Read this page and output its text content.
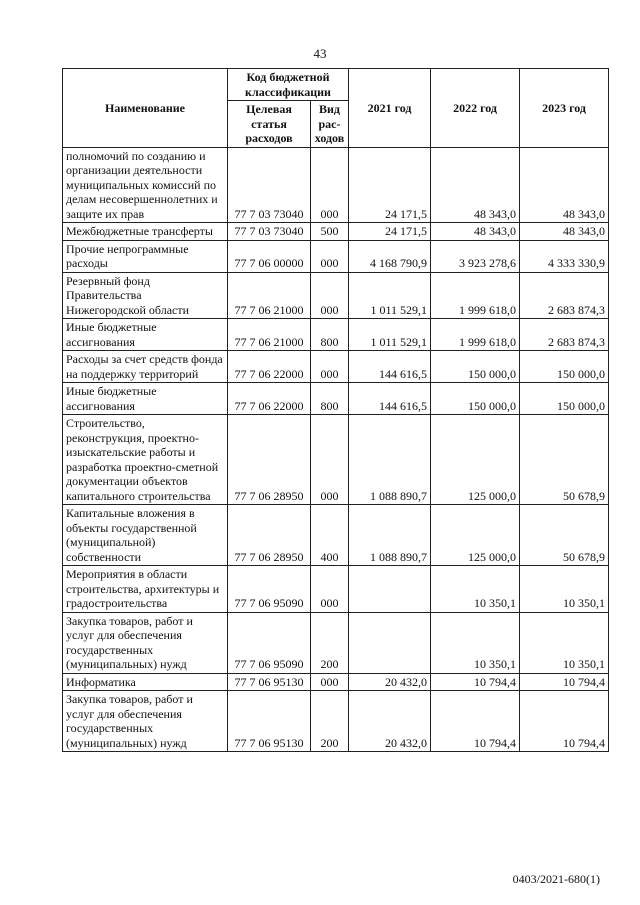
43
Наименование	Код бюджетной классификации		2021 год	2022 год	2023 год
	Целевая статья расходов	Вид рас-ходов			
полномочий по созданию и организации деятельности муниципальных комиссий по делам несовершеннолетних и защите их прав	77 7 03 73040	000	24 171,5	48 343,0	48 343,0
Межбюджетные трансферты	77 7 03 73040	500	24 171,5	48 343,0	48 343,0
Прочие непрограммные расходы	77 7 06 00000	000	4 168 790,9	3 923 278,6	4 333 330,9
Резервный фонд Правительства Нижегородской области	77 7 06 21000	000	1 011 529,1	1 999 618,0	2 683 874,3
Иные бюджетные ассигнования	77 7 06 21000	800	1 011 529,1	1 999 618,0	2 683 874,3
Расходы за счет средств фонда на поддержку территорий	77 7 06 22000	000	144 616,5	150 000,0	150 000,0
Иные бюджетные ассигнования	77 7 06 22000	800	144 616,5	150 000,0	150 000,0
Строительство, реконструкция, проектно-изыскательские работы и разработка проектно-сметной документации объектов капитального строительства	77 7 06 28950	000	1 088 890,7	125 000,0	50 678,9
Капитальные вложения в объекты государственной (муниципальной) собственности	77 7 06 28950	400	1 088 890,7	125 000,0	50 678,9
Мероприятия в области строительства, архитектуры и градостроительства	77 7 06 95090	000		10 350,1	10 350,1
Закупка товаров, работ и услуг для обеспечения государственных (муниципальных) нужд	77 7 06 95090	200		10 350,1	10 350,1
Информатика	77 7 06 95130	000	20 432,0	10 794,4	10 794,4
Закупка товаров, работ и услуг для обеспечения государственных (муниципальных) нужд	77 7 06 95130	200	20 432,0	10 794,4	10 794,4
0403/2021-680(1)
